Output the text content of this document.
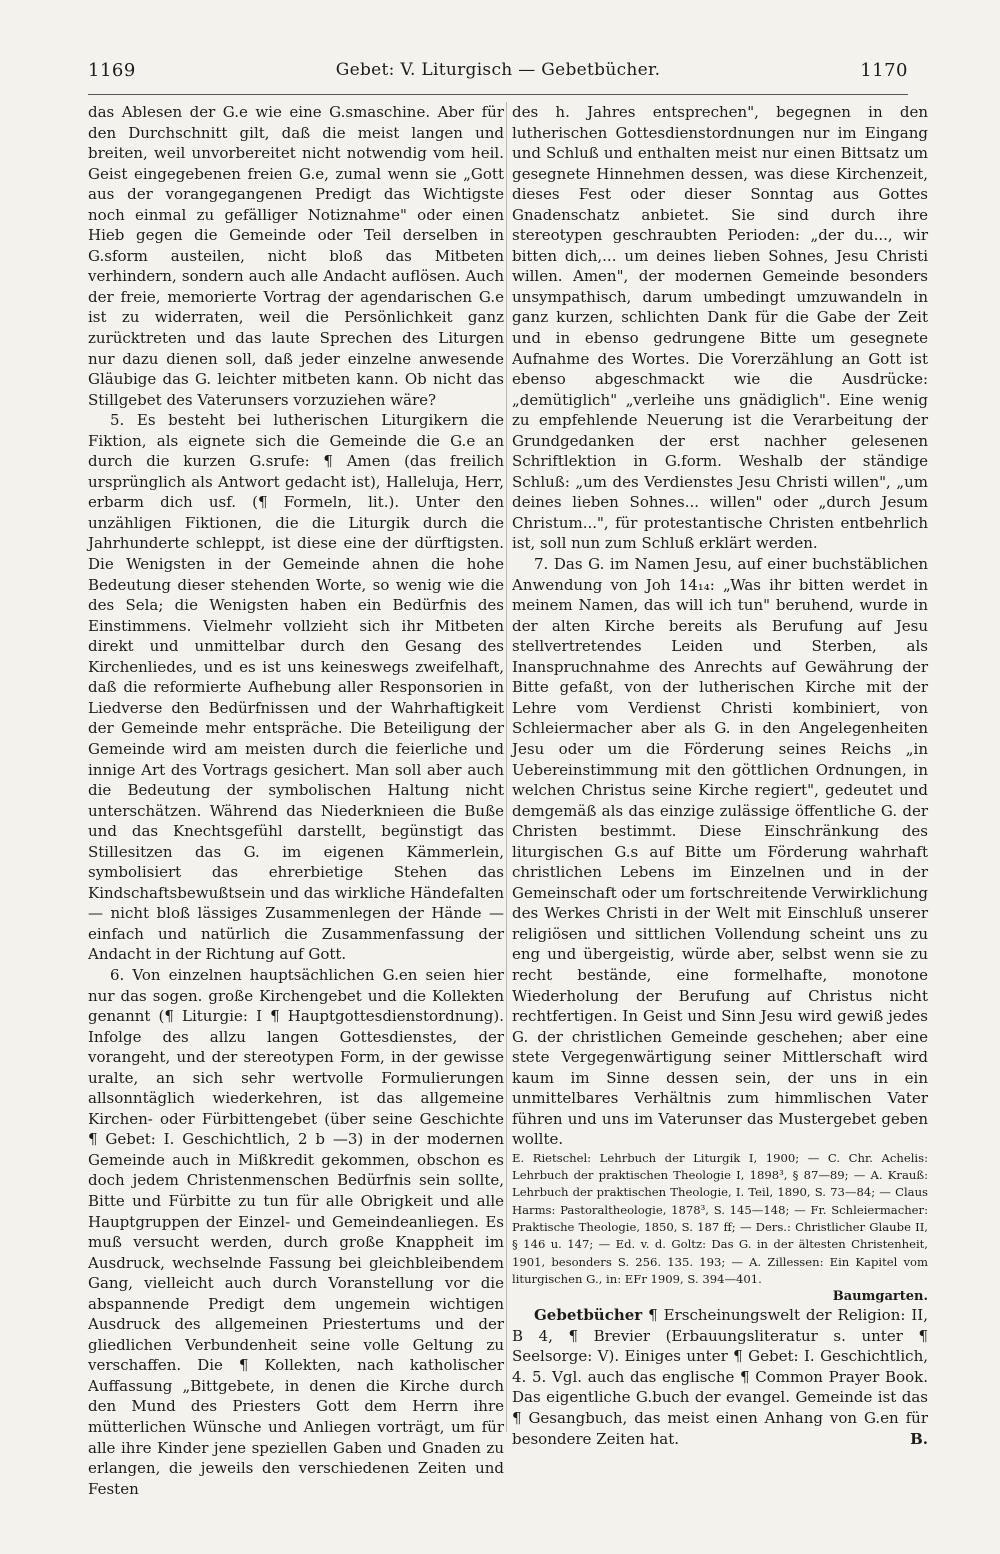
1169	Gebet: V. Liturgisch — Gebetbücher.	1170

das Ablesen der G.e wie eine G.smaschine. Aber für den Durchschnitt gilt, daß die meist langen und breiten, weil unvorbereitet nicht notwendig vom heil. Geist eingegebenen freien G.e, zumal wenn sie „Gott aus der vorangegangenen Predigt das Wichtigste noch einmal zu gefälliger Notiznahme" oder einen Hieb gegen die Gemeinde oder Teil derselben in G.sform austeilen, nicht bloß das Mitbeten verhindern, sondern auch alle Andacht auflösen. Auch der freie, memorierte Vortrag der agendarischen G.e ist zu widerraten, weil die Persönlichkeit ganz zurücktreten und das laute Sprechen des Liturgen nur dazu dienen soll, daß jeder einzelne anwesende Gläubige das G. leichter mitbeten kann. Ob nicht das Stillgebet des Vaterunsers vorzuziehen wäre?

5. Es besteht bei lutherischen Liturgikern die Fiktion, als eignete sich die Gemeinde die G.e an durch die kurzen G.srufe: ¶ Amen (das freilich ursprünglich als Antwort gedacht ist), Halleluja, Herr, erbarm dich usf. (¶ Formeln, lit.). Unter den unzähligen Fiktionen, die die Liturgik durch die Jahrhunderte schleppt, ist diese eine der dürftigsten. Die Wenigsten in der Gemeinde ahnen die hohe Bedeutung dieser stehenden Worte, so wenig wie die des Sela; die Wenigsten haben ein Bedürfnis des Einstimmens. Vielmehr vollzieht sich ihr Mitbeten direkt und unmittelbar durch den Gesang des Kirchenliedes, und es ist uns keineswegs zweifelhaft, daß die reformierte Aufhebung aller Responsorien in Liedverse den Bedürfnissen und der Wahrhaftigkeit der Gemeinde mehr entspräche. Die Beteiligung der Gemeinde wird am meisten durch die feierliche und innige Art des Vortrags gesichert. Man soll aber auch die Bedeutung der symbolischen Haltung nicht unterschätzen. Während das Niederknieen die Buße und das Knechtsgefühl darstellt, begünstigt das Stillesitzen das G. im eigenen Kämmerlein, symbolisiert das ehrerbietige Stehen das Kindschaftsbewußtsein und das wirkliche Händefalten — nicht bloß lässiges Zusammenlegen der Hände — einfach und natürlich die Zusammenfassung der Andacht in der Richtung auf Gott.

6. Von einzelnen hauptsächlichen G.en seien hier nur das sogen. große Kirchengebet und die Kollekten genannt (¶ Liturgie: I ¶ Hauptgottesdienstordnung). Infolge des allzu langen Gottesdienstes, der vorangeht, und der stereotypen Form, in der gewisse uralte, an sich sehr wertvolle Formulierungen allsonntäglich wiederkehren, ist das allgemeine Kirchen- oder Fürbittengebet (über seine Geschichte ¶ Gebet: I. Geschichtlich, 2 b —3) in der modernen Gemeinde auch in Mißkredit gekommen, obschon es doch jedem Christenmenschen Bedürfnis sein sollte, Bitte und Fürbitte zu tun für alle Obrigkeit und alle Hauptgruppen der Einzel- und Gemeindeanliegen. Es muß versucht werden, durch große Knappheit im Ausdruck, wechselnde Fassung bei gleichbleibendem Gang, vielleicht auch durch Voranstellung vor die abspannende Predigt dem ungemein wichtigen Ausdruck des allgemeinen Priestertums und der gliedlichen Verbundenheit seine volle Geltung zu verschaffen. Die ¶ Kollekten, nach katholischer Auffassung „Bittgebete, in denen die Kirche durch den Mund des Priesters Gott dem Herrn ihre mütterlichen Wünsche und Anliegen vorträgt, um für alle ihre Kinder jene speziellen Gaben und Gnaden zu erlangen, die jeweils den verschiedenen Zeiten und Festen

des h. Jahres entsprechen", begegnen in den lutherischen Gottesdienstordnungen nur im Eingang und Schluß und enthalten meist nur einen Bittsatz um gesegnete Hinnehmen dessen, was diese Kirchenzeit, dieses Fest oder dieser Sonntag aus Gottes Gnadenschatz anbietet. Sie sind durch ihre stereotypen geschraubten Perioden: „der du..., wir bitten dich,... um deines lieben Sohnes, Jesu Christi willen. Amen", der modernen Gemeinde besonders unsympathisch, darum umbedingt umzuwandeln in ganz kurzen, schlichten Dank für die Gabe der Zeit und in ebenso gedrungene Bitte um gesegnete Aufnahme des Wortes. Die Vorerzählung an Gott ist ebenso abgeschmackt wie die Ausdrücke: „demütiglich" „verleihe uns gnädiglich". Eine wenig zu empfehlende Neuerung ist die Verarbeitung der Grundgedanken der erst nachher gelesenen Schriftlektion in G.form. Weshalb der ständige Schluß: „um des Verdienstes Jesu Christi willen", „um deines lieben Sohnes... willen" oder „durch Jesum Christum...", für protestantische Christen entbehrlich ist, soll nun zum Schluß erklärt werden.

7. Das G. im Namen Jesu, auf einer buchstäblichen Anwendung von Joh 14₁₄: „Was ihr bitten werdet in meinem Namen, das will ich tun" beruhend, wurde in der alten Kirche bereits als Berufung auf Jesu stellvertretendes Leiden und Sterben, als Inanspruchnahme des Anrechts auf Gewährung der Bitte gefaßt, von der lutherischen Kirche mit der Lehre vom Verdienst Christi kombiniert, von Schleiermacher aber als G. in den Angelegenheiten Jesu oder um die Förderung seines Reichs „in Uebereinstimmung mit den göttlichen Ordnungen, in welchen Christus seine Kirche regiert", gedeutet und demgemäß als das einzige zulässige öffentliche G. der Christen bestimmt. Diese Einschränkung des liturgischen G.s auf Bitte um Förderung wahrhaft christlichen Lebens im Einzelnen und in der Gemeinschaft oder um fortschreitende Verwirklichung des Werkes Christi in der Welt mit Einschluß unserer religiösen und sittlichen Vollendung scheint uns zu eng und übergeistig, würde aber, selbst wenn sie zu recht bestände, eine formelhafte, monotone Wiederholung der Berufung auf Christus nicht rechtfertigen. In Geist und Sinn Jesu wird gewiß jedes G. der christlichen Gemeinde geschehen; aber eine stete Vergegenwärtigung seiner Mittlerschaft wird kaum im Sinne dessen sein, der uns in ein unmittelbares Verhältnis zum himmlischen Vater führen und uns im Vaterunser das Mustergebet geben wollte.

E. Rietschel: Lehrbuch der Liturgik I, 1900; — C. Chr. Achelis: Lehrbuch der praktischen Theologie I, 1898³, § 87—89; — A. Krauß: Lehrbuch der praktischen Theologie, I. Teil, 1890, S. 73—84; — Claus Harms: Pastoraltheologie, 1878³, S. 145—148; — Fr. Schleiermacher: Praktische Theologie, 1850, S. 187 ff; — Ders.: Christlicher Glaube II, § 146 u. 147; — Ed. v. d. Goltz: Das G. in der ältesten Christenheit, 1901, besonders S. 256. 135. 193; — A. Zillessen: Ein Kapitel vom liturgischen G., in: EFr 1909, S. 394—401.

Baumgarten.

Gebetbücher ¶ Erscheinungswelt der Religion: II, B 4, ¶ Brevier (Erbauungsliteratur s. unter ¶ Seelsorge: V). Einiges unter ¶ Gebet: I. Geschichtlich, 4. 5. Vgl. auch das englische ¶ Common Prayer Book. Das eigentliche G.buch der evangel. Gemeinde ist das ¶ Gesangbuch, das meist einen Anhang von G.en für besondere Zeiten hat.	B.
